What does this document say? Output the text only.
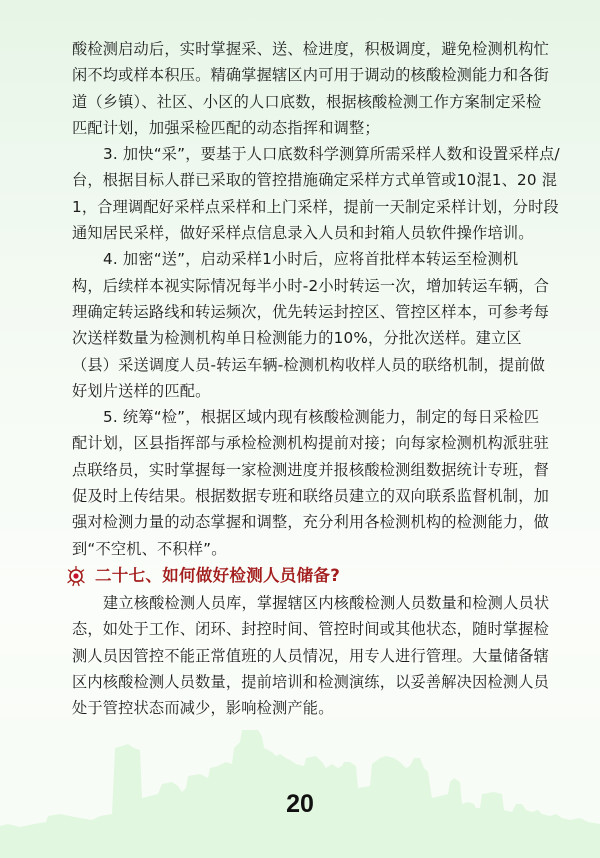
酸检测启动后，实时掌握采、送、检进度，积极调度，避免检测机构忙
闲不均或样本积压。精确掌握辖区内可用于调动的核酸检测能力和各街
道（乡镇）、社区、小区的人口底数，根据核酸检测工作方案制定采检
匹配计划，加强采检匹配的动态指挥和调整；
3. 加快“采”，要基于人口底数科学测算所需采样人数和设置采样点/
台，根据目标人群已采取的管控措施确定采样方式单管或10混1、20 混
1，合理调配好采样点采样和上门采样，提前一天制定采样计划，分时段
通知居民采样，做好采样点信息录入人员和封箱人员软件操作培训。
4. 加密“送”，启动采样1小时后，应将首批样本转运至检测机
构，后续样本视实际情况每半小时-2小时转运一次，增加转运车辆，合
理确定转运路线和转运频次，优先转运封控区、管控区样本，可参考每
次送样数量为检测机构单日检测能力的10%，分批次送样。建立区
（县）采送调度人员-转运车辆-检测机构收样人员的联络机制，提前做
好划片送样的匹配。
5. 统筹“检”，根据区域内现有核酸检测能力，制定的每日采检匹
配计划，区县指挥部与承检检测机构提前对接；向每家检测机构派驻驻
点联络员，实时掌握每一家检测进度并报核酸检测组数据统计专班，督
促及时上传结果。根据数据专班和联络员建立的双向联系监督机制，加
强对检测力量的动态掌握和调整，充分利用各检测机构的检测能力，做
到“不空机、不积样”。
二十七、如何做好检测人员储备?
建立核酸检测人员库，掌握辖区内核酸检测人员数量和检测人员状
态，如处于工作、闭环、封控时间、管控时间或其他状态，随时掌握检
测人员因管控不能正常值班的人员情况，用专人进行管理。大量储备辖
区内核酸检测人员数量，提前培训和检测演练，以妥善解决因检测人员
处于管控状态而减少，影响检测产能。
20
